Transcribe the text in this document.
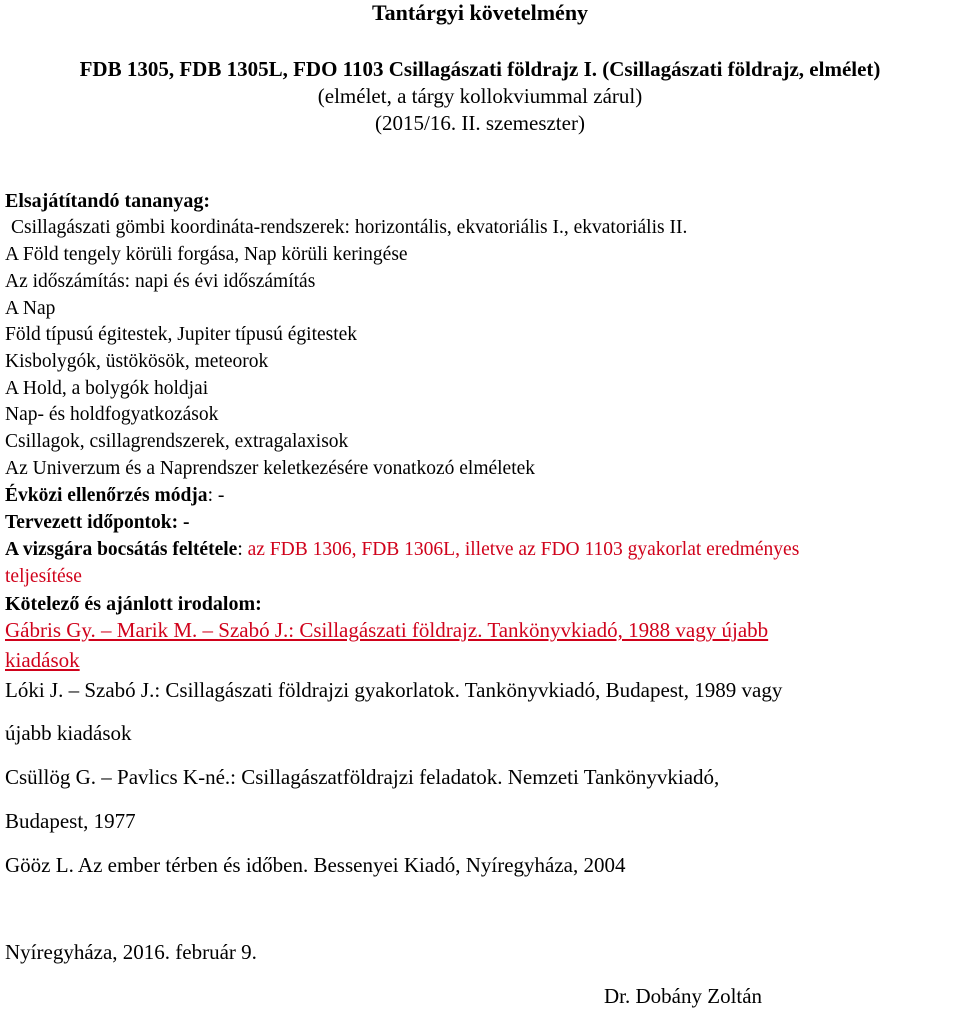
Tantárgyi követelmény
FDB 1305, FDB 1305L, FDO 1103 Csillagászati földrajz I. (Csillagászati földrajz, elmélet)
(elmélet, a tárgy kollokviummal zárul)
(2015/16. II. szemeszter)
Elsajátítandó tananyag:
Csillagászati gömbi koordináta-rendszerek: horizontális, ekvatoriális I., ekvatoriális II.
A Föld tengely körüli forgása, Nap körüli keringése
Az időszámítás: napi és évi időszámítás
A Nap
Föld típusú égitestek, Jupiter típusú égitestek
Kisbolygók, üstökösök, meteorok
A Hold, a bolygók holdjai
Nap- és holdfogyatkozások
Csillagok, csillagrendszerek, extragalaxisok
Az Univerzum és a Naprendszer keletkezésére vonatkozó elméletek
Évközi ellenőrzés módja: -
Tervezett időpontok: -
A vizsgára bocsátás feltétele: az FDB 1306, FDB 1306L, illetve az FDO 1103 gyakorlat eredményes
teljesítése
Kötelező és ajánlott irodalom:
Gábris Gy. – Marik M. – Szabó J.: Csillagászati földrajz. Tankönyvkiadó, 1988 vagy újabb
kiadások
Lóki J. – Szabó J.: Csillagászati földrajzi gyakorlatok. Tankönyvkiadó, Budapest, 1989 vagy
újabb kiadások
Csüllög G. – Pavlics K-né.: Csillagászatföldrajzi feladatok. Nemzeti Tankönyvkiadó,
Budapest, 1977
Gööz L. Az ember térben és időben. Bessenyei Kiadó, Nyíregyháza, 2004
Nyíregyháza, 2016. február 9.
Dr. Dobány Zoltán
